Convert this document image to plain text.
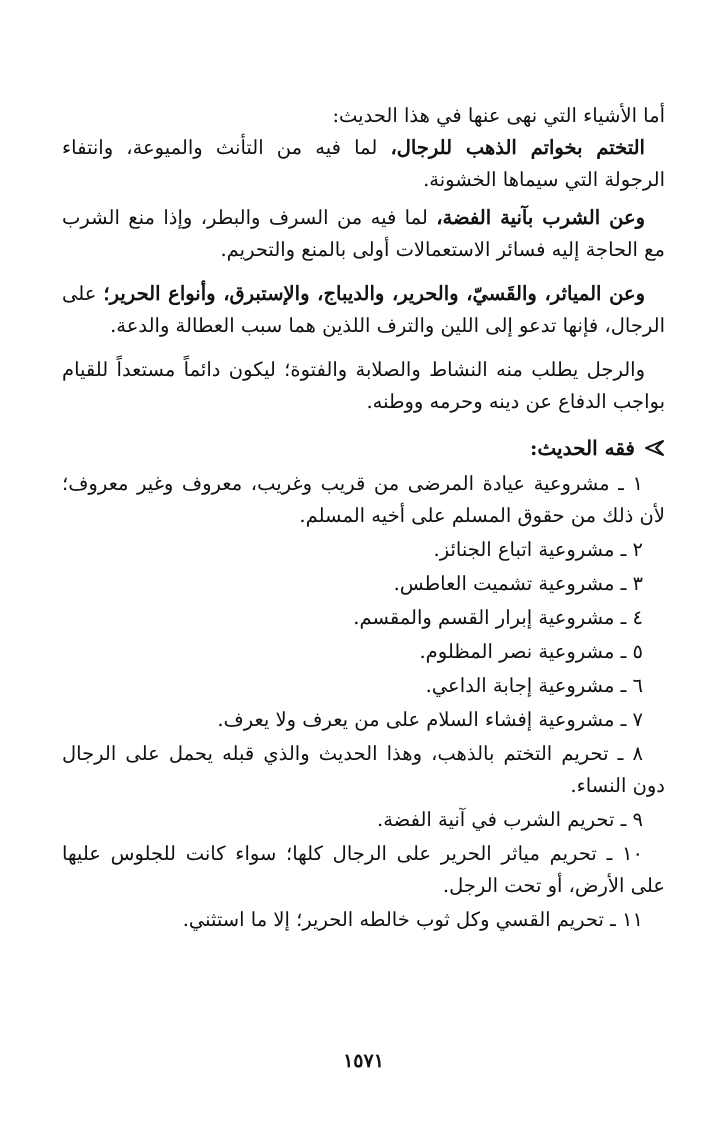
أما الأشياء التي نهى عنها في هذا الحديث:

التختم بخواتم الذهب للرجال، لما فيه من التأنث والميوعة، وانتفاء الرجولة التي سيماها الخشونة.

وعن الشرب بآنية الفضة، لما فيه من السرف والبطر، وإذا منع الشرب مع الحاجة إليه فسائر الاستعمالات أولى بالمنع والتحريم.

وعن المياثر، والقَسيّ، والحرير، والديباج، والإستبرق، وأنواع الحرير؛ على الرجال، فإنها تدعو إلى اللين والترف اللذين هما سبب العطالة والدعة.

والرجل يطلب منه النشاط والصلابة والفتوة؛ ليكون دائماً مستعداً للقيام بواجب الدفاع عن دينه وحرمه ووطنه.

فقه الحديث:

١ ـ مشروعية عيادة المرضى من قريب وغريب، معروف وغير معروف؛ لأن ذلك من حقوق المسلم على أخيه المسلم.

٢ ـ مشروعية اتباع الجنائز.

٣ ـ مشروعية تشميت العاطس.

٤ ـ مشروعية إبرار القسم والمقسم.

٥ ـ مشروعية نصر المظلوم.

٦ ـ مشروعية إجابة الداعي.

٧ ـ مشروعية إفشاء السلام على من يعرف ولا يعرف.

٨ ـ تحريم التختم بالذهب، وهذا الحديث والذي قبله يحمل على الرجال دون النساء.

٩ ـ تحريم الشرب في آنية الفضة.

١٠ ـ تحريم مياثر الحرير على الرجال كلها؛ سواء كانت للجلوس عليها على الأرض، أو تحت الرجل.

١١ ـ تحريم القسي وكل ثوب خالطه الحرير؛ إلا ما استثني.

١٥٧١
